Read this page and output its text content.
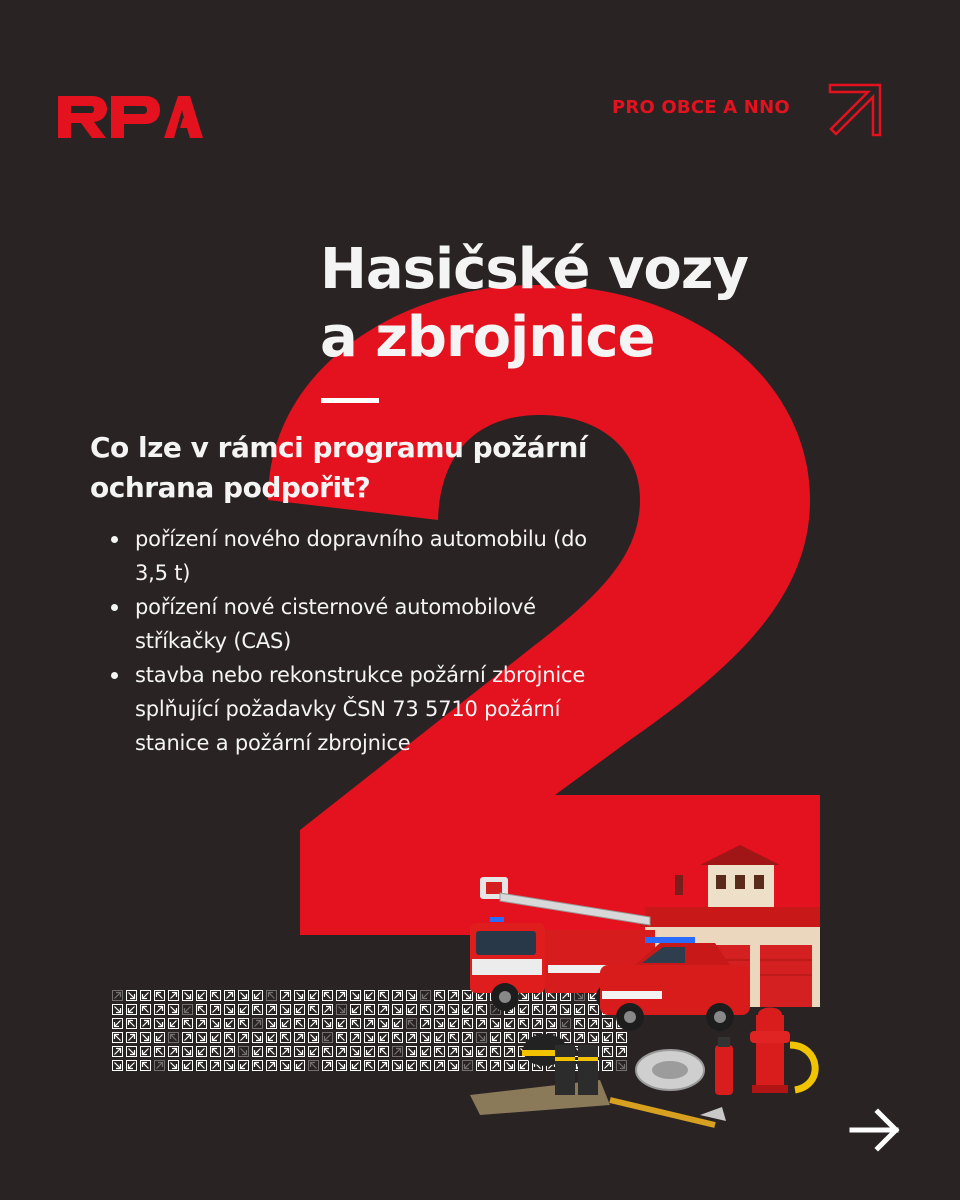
PRO OBCE A NNO
Hasičské vozy
a zbrojnice

Co lze v rámci programu požární ochrana podpořit?

pořízení nového dopravního automobilu (do 3,5 t)
pořízení nové cisternové automobilové stříkačky (CAS)
stavba nebo rekonstrukce požární zbrojnice splňující požadavky ČSN 73 5710 požární stanice a požární zbrojnice
